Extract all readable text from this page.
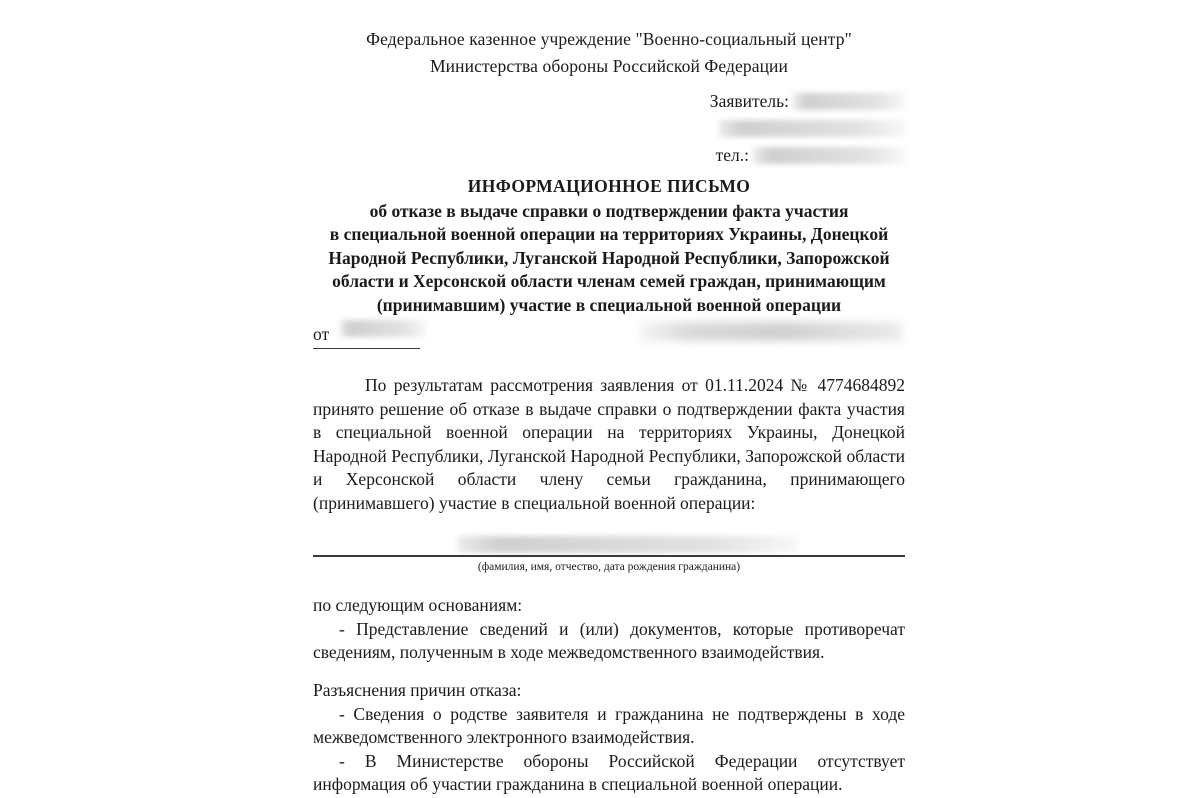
Федеральное казенное учреждение "Военно-социальный центр"
Министерства обороны Российской Федерации
Заявитель:
тел.:
ИНФОРМАЦИОННОЕ ПИСЬМО
об отказе в выдаче справки о подтверждении факта участия
в специальной военной операции на территориях Украины, Донецкой
Народной Республики, Луганской Народной Республики, Запорожской
области и Херсонской области членам семей граждан, принимающим
(принимавшим) участие в специальной военной операции
от
По результатам рассмотрения заявления от 01.11.2024 № 4774684892 принято решение об отказе в выдаче справки о подтверждении факта участия в специальной военной операции на территориях Украины, Донецкой Народной Республики, Луганской Народной Республики, Запорожской области и Херсонской области члену семьи гражданина, принимающего (принимавшего) участие в специальной военной операции:
(фамилия, имя, отчество, дата рождения гражданина)
по следующим основаниям:
- Представление сведений и (или) документов, которые противоречат сведениям, полученным в ходе межведомственного взаимодействия.
Разъяснения причин отказа:
- Сведения о родстве заявителя и гражданина не подтверждены в ходе межведомственного электронного взаимодействия.
- В Министерстве обороны Российской Федерации отсутствует информация об участии гражданина в специальной военной операции.
